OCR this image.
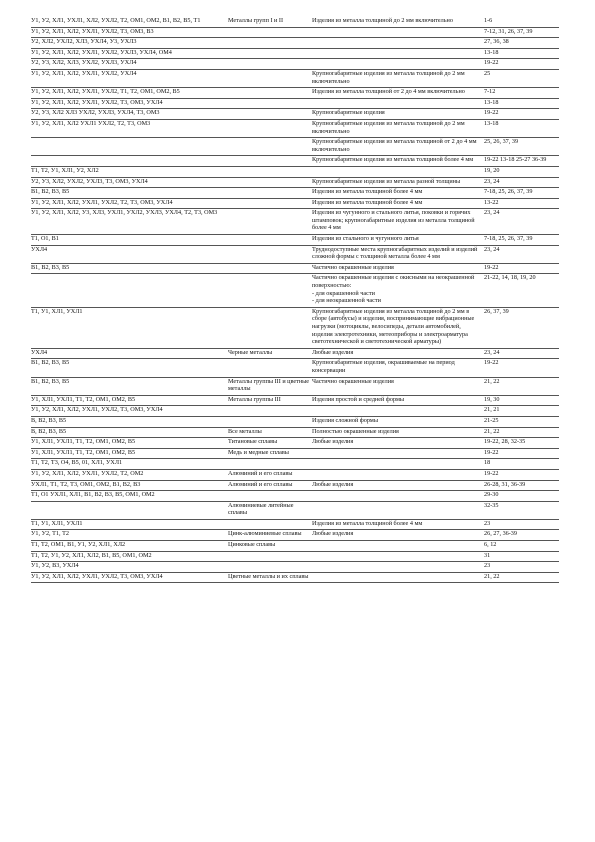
У1, У2, ХЛ1, УХЛ1, ХЛ2, УХЛ2, Т2, ОМ1, ОМ2, В1, В2, В5, Т1	Металлы групп I и II	Изделия из металла толщиной до 2 мм включительно	1-6
У1, У2, ХЛ1, ХЛ2, УХЛ1, УХЛ2, Т3, ОМ3, В3			7-12, 31, 26, 37, 39
У2, ХЛ2, УХЛ2, ХЛ3, УХЛ4, У3, УХЛ3			27, 36, 38
У1, У2, ХЛ1, ХЛ2, УХЛ1, УХЛ2, УХЛ3, УХЛ4, ОМ4			13-18
У2, У3, ХЛ2, ХЛ3, УХЛ2, УХЛ3, УХЛ4			19-22
У1, У2, ХЛ1, ХЛ2, УХЛ1, УХЛ2, УХЛ4		Крупногабаритные изделия из металла толщиной до 2 мм включительно	25
У1, У2, ХЛ1, ХЛ2, УХЛ1, УХЛ2, Т1, Т2, ОМ1, ОМ2, В5		Изделия из металла толщиной от 2 до 4 мм включительно	7-12
У1, У2, ХЛ1, ХЛ2, УХЛ1, УХЛ2, Т3, ОМ3, УХЛ4			13-18
У2, У3, ХЛ2 ХЛ3 УХЛ2, УХЛ3, УХЛ4, Т3, ОМ3		Крупногабаритные изделия	19-22
У1, У2, ХЛ1, ХЛ2 УХЛ1 УХЛ2, Т2, Т3, ОМ3		Крупногабаритные изделия из металла толщиной до 2 мм включительно	13-18
		Крупногабаритные изделия из металла толщиной от 2 до 4 мм включительно	25, 26, 37, 39
		Крупногабаритные изделия из металла толщиной более 4 мм	19-22 13-18 25-27 36-39
Т1, Т2, У1, ХЛ1, У2, ХЛ2			19, 20
У2, У3, ХЛ2, УХЛ2, УХЛ3, Т3, ОМ3, УХЛ4		Крупногабаритные изделия из металла разной толщины	23, 24
В1, В2, В3, В5		Изделия из металла толщиной более 4 мм	7-18, 25, 26, 37, 39
У1, У2, ХЛ1, ХЛ2, УХЛ1, УХЛ2, Т2, Т3, ОМ3, УХЛ4		Изделия из металла толщиной более 4 мм	13-22
У1, У2, ХЛ1, ХЛ2, У3, ХЛ3, УХЛ1, УХЛ2, УХЛ3, УХЛ4, Т2, Т3, ОМ3		Изделия из чугунного и стального литья, поковки и горячих штамповок; крупногабаритные изделия из металла толщиной более 4 мм	23, 24
Т1, О1, В1		Изделия из стального и чугунного литья	7-18, 25, 26, 37, 39
УХЛ4		Труднодоступные места крупногабаритных изделий и изделий сложной формы с толщиной металла более 4 мм	23, 24
В1, В2, В3, В5		Частично окрашенные изделия	19-22
		Частично окрашенные изделия с окисными на неокрашенной поверхностью:
- для окрашенной части
- для неокрашенной части	21-22, 14, 18, 19, 20
Т1, У1, ХЛ1, УХЛ1		Крупногабаритные изделия из металла толщиной до 2 мм в сборе (автобусы) и изделия, воспринимающие вибрационные нагрузки (мотоциклы, велосипеды, детали автомобилей, изделия электротехники, метеоприборы и электроарматура светотехнической и светотехнической арматуры)	26, 37, 39
УХЛ4	Черные металлы	Любые изделия	23, 24
В1, В2, В3, В5		Крупногабаритные изделия, окрашиваемые на период консервации	19-22
В1, В2, В3, В5	Металлы группы III и цветные металлы	Частично окрашенные изделия	21, 22
У1, ХЛ1, УХЛ1, Т1, Т2, ОМ1, ОМ2, В5	Металлы группы III	Изделия простой и средней формы	19, 30
У1, У2, ХЛ1, ХЛ2, УХЛ1, УХЛ2, Т3, ОМ3, УХЛ4			21, 21
В, В2, В3, В5		Изделия сложной формы	21-25
В, В2, В3, В5	Все металлы	Полностью окрашенные изделия	21, 22
У1, ХЛ1, УХЛ1, Т1, Т2, ОМ1, ОМ2, В5	Титановые сплавы	Любые изделия	19-22, 28, 32-35
У1, ХЛ1, УХЛ1, Т1, Т2, ОМ1, ОМ2, В5	Медь и медные сплавы		19-22
Т1, Т2, Т3, О4, В5, 01, ХЛ1, УХЛ1			18
У1, У2, ХЛ1, ХЛ2, УХЛ1, УХЛ2, Т2, ОМ2	Алюминий и его сплавы		19-22
УХЛ1, Т1, Т2, Т3, ОМ1, ОМ2, В1, В2, В3	Алюминий и его сплавы	Любые изделия	26-28, 31, 36-39
Т1, О1 УХЛ1, ХЛ1, В1, В2, В3, В5, ОМ1, ОМ2			29-30
	Алюминиевые литейные сплавы		32-35
Т1, У1, ХЛ1, УХЛ1		Изделия из металла толщиной более 4 мм	23
У1, У2, Т1, Т2	Цинк-алюминиевые сплавы	Любые изделия	26, 27, 36-39
Т1, Т2, ОМ1, В1, У1, У2, ХЛ1, ХЛ2	Цинковые сплавы		6, 12
Т1, Т2, У1, У2, ХЛ1, ХЛ2, В1, В5, ОМ1, ОМ2			31
У1, У2, В3, УХЛ4			23
У1, У2, ХЛ1, ХЛ2, УХЛ1, УХЛ2, Т3, ОМ3, УХЛ4	Цветные металлы и их сплавы		21, 22
